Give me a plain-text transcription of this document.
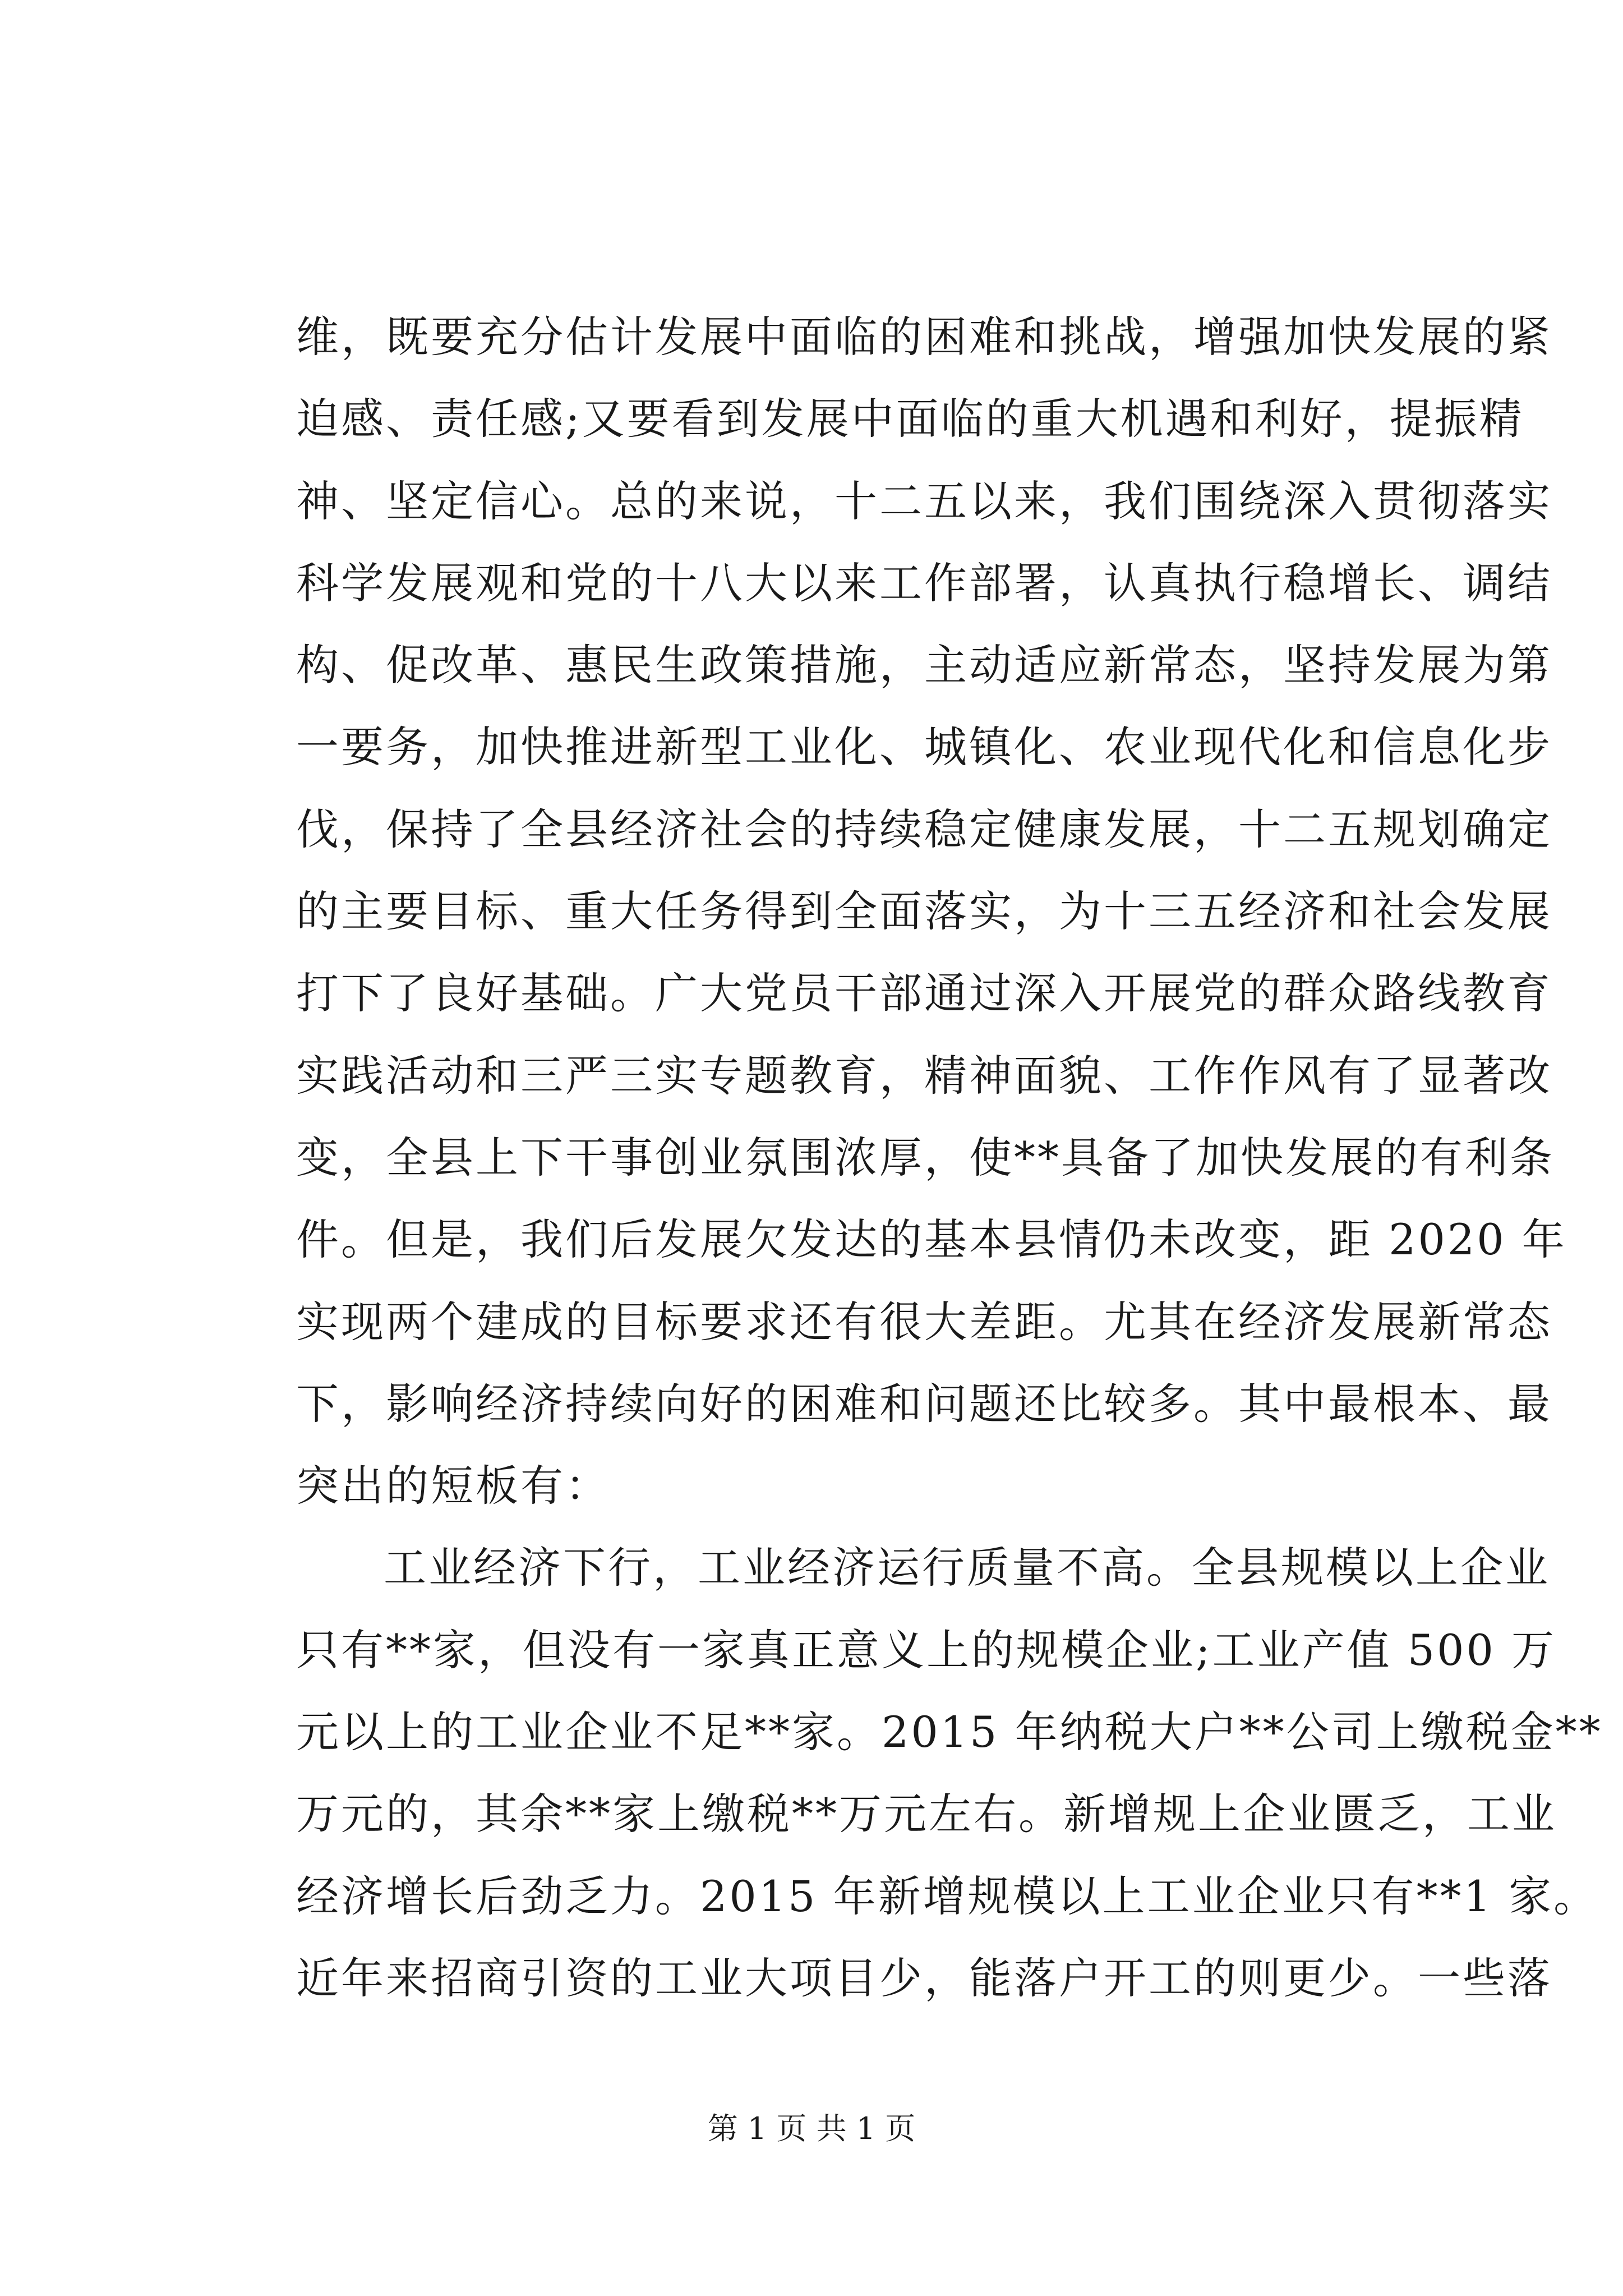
维，既要充分估计发展中面临的困难和挑战，增强加快发展的紧
迫感、责任感;又要看到发展中面临的重大机遇和利好，提振精
神、坚定信心。总的来说，十二五以来，我们围绕深入贯彻落实
科学发展观和党的十八大以来工作部署，认真执行稳增长、调结
构、促改革、惠民生政策措施，主动适应新常态，坚持发展为第
一要务，加快推进新型工业化、城镇化、农业现代化和信息化步
伐，保持了全县经济社会的持续稳定健康发展，十二五规划确定
的主要目标、重大任务得到全面落实，为十三五经济和社会发展
打下了良好基础。广大党员干部通过深入开展党的群众路线教育
实践活动和三严三实专题教育，精神面貌、工作作风有了显著改
变，全县上下干事创业氛围浓厚，使**具备了加快发展的有利条
件。但是，我们后发展欠发达的基本县情仍未改变，距 2020 年
实现两个建成的目标要求还有很大差距。尤其在经济发展新常态
下，影响经济持续向好的困难和问题还比较多。其中最根本、最
突出的短板有：
工业经济下行，工业经济运行质量不高。全县规模以上企业
只有**家，但没有一家真正意义上的规模企业;工业产值 500 万
元以上的工业企业不足**家。2015 年纳税大户**公司上缴税金**
万元的，其余**家上缴税**万元左右。新增规上企业匮乏，工业
经济增长后劲乏力。2015 年新增规模以上工业企业只有**1 家。
近年来招商引资的工业大项目少，能落户开工的则更少。一些落
第 1 页 共 1 页
